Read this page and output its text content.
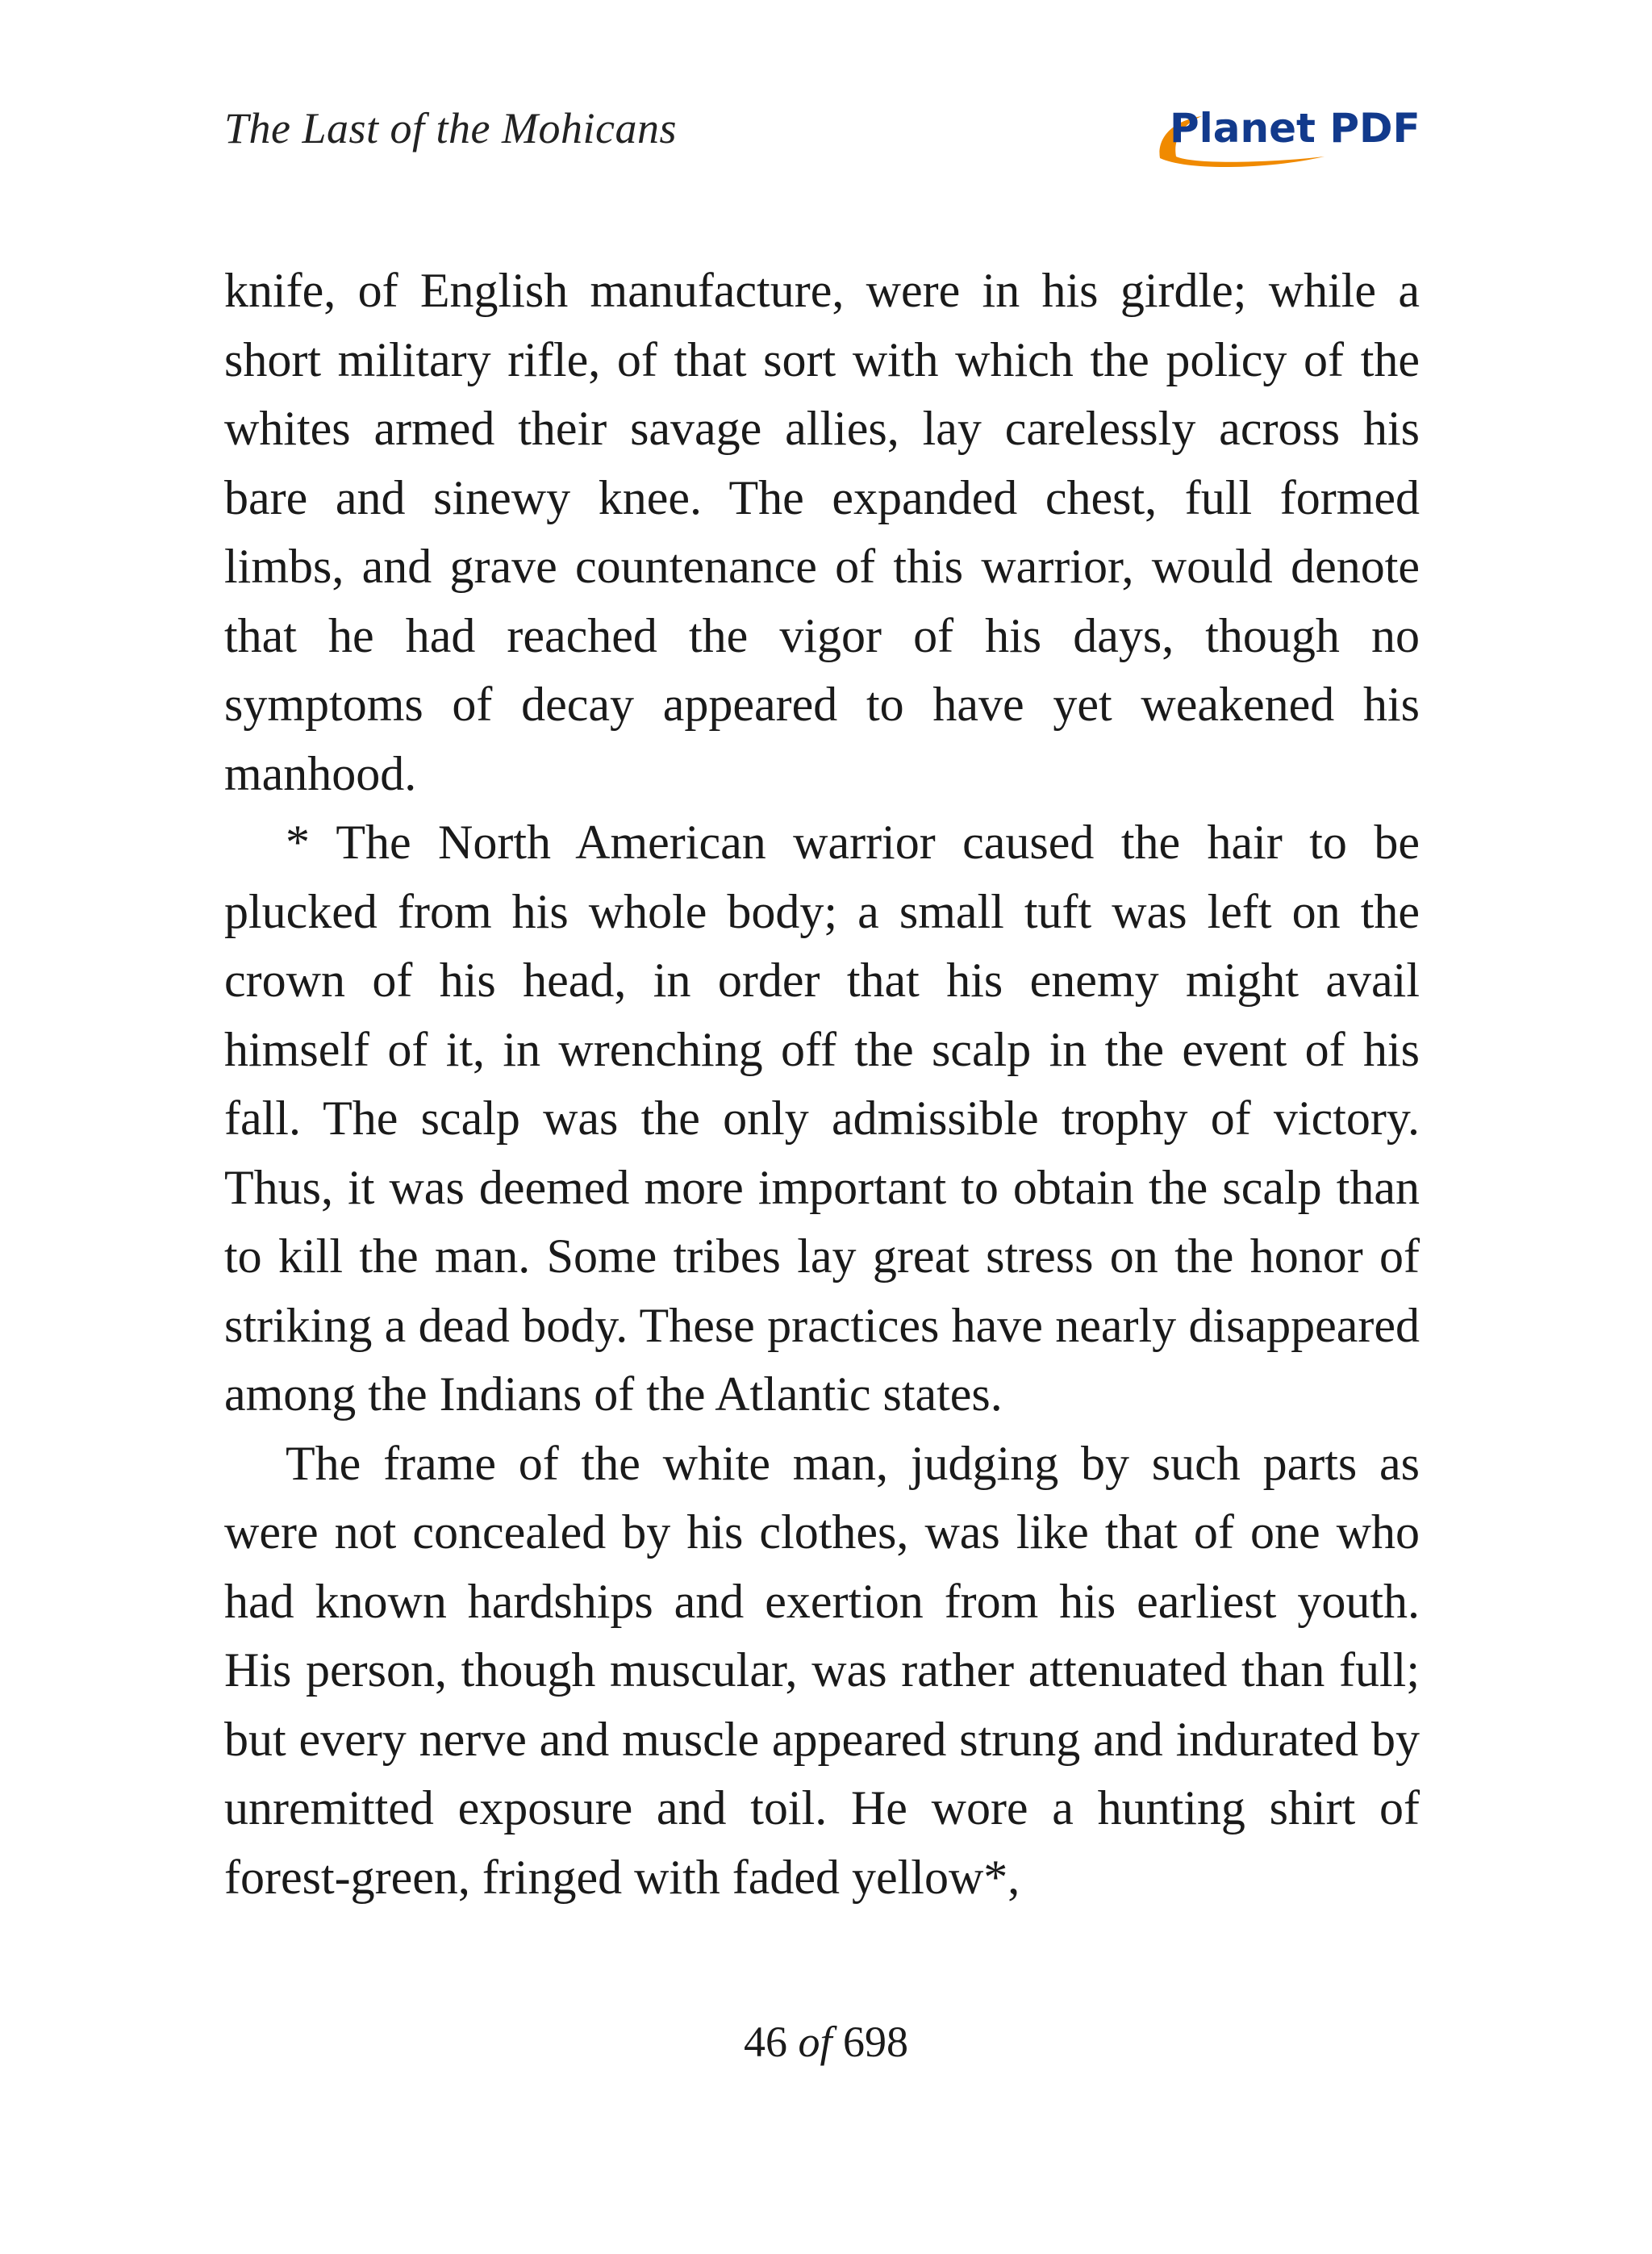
The Last of the Mohicans	Planet PDF

knife, of English manufacture, were in his girdle; while a short military rifle, of that sort with which the policy of the whites armed their savage allies, lay carelessly across his bare and sinewy knee. The expanded chest, full formed limbs, and grave countenance of this warrior, would denote that he had reached the vigor of his days, though no symptoms of decay appeared to have yet weakened his manhood.

* The North American warrior caused the hair to be plucked from his whole body; a small tuft was left on the crown of his head, in order that his enemy might avail himself of it, in wrenching off the scalp in the event of his fall. The scalp was the only admissible trophy of victory. Thus, it was deemed more important to obtain the scalp than to kill the man. Some tribes lay great stress on the honor of striking a dead body. These practices have nearly disappeared among the Indians of the Atlantic states.

The frame of the white man, judging by such parts as were not concealed by his clothes, was like that of one who had known hardships and exertion from his earliest youth. His person, though muscular, was rather attenuated than full; but every nerve and muscle appeared strung and indurated by unremitted exposure and toil. He wore a hunting shirt of forest-green, fringed with faded yellow*,

46 of 698
